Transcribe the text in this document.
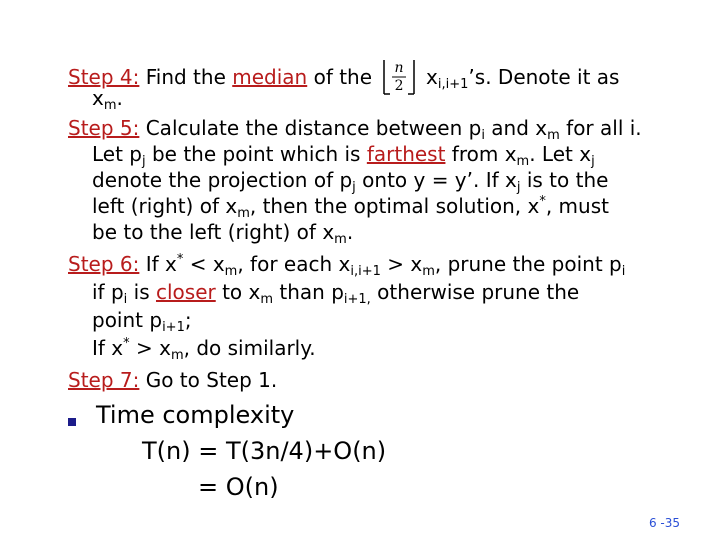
Step 4: Find the median of the	n
2	$x_{i,i+1}’s$. Denote it as
$x_m$.
Step 5: Calculate the distance between $p_i$ and $x_m$ for all i.
Let $p_j$ be the point which is farthest from $x_m$. Let $x_j$
denote the projection of $p_j$ onto y = y’. If $x_j$ is to the
left (right) of $x_m$, then the optimal solution, x*, must
be to the left (right) of $x_m$.
Step 6: If $x^* < x_m$, for each $x_{i,i+1} > x_m$, prune the point $p_i$
if $p_i$ is closer to $x_m$ than $p_{i+1,}$ otherwise prune the
point $p_{i+1}$;
If $x^* > x_m$, do similarly.
Step 7: Go to Step 1.
Time complexity
T(n) = T(3n/4)+O(n)
= O(n)
6 -35
